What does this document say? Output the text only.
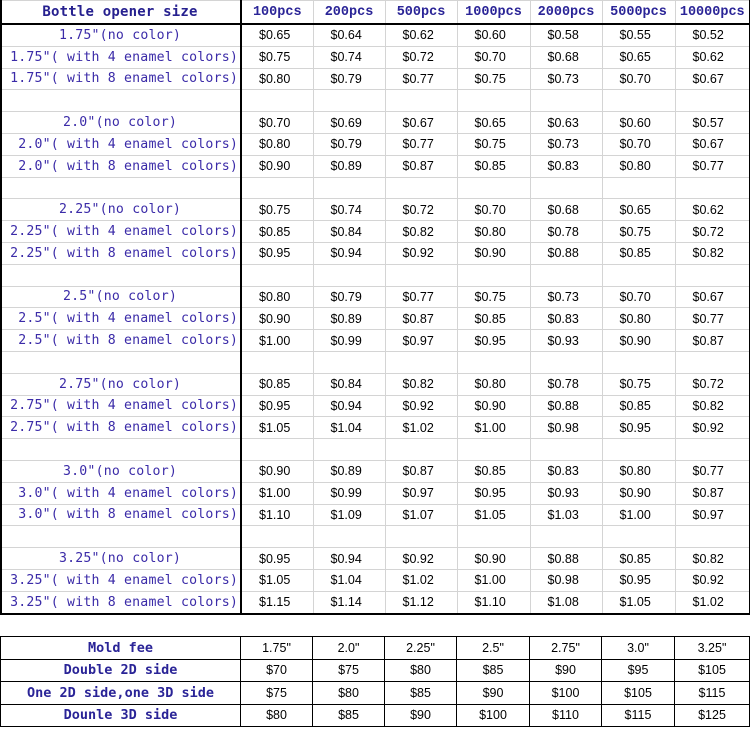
Bottle opener size	100pcs	200pcs	500pcs	1000pcs	2000pcs	5000pcs	10000pcs
1.75"(no color)	$0.65	$0.64	$0.62	$0.60	$0.58	$0.55	$0.52
1.75"( with 4 enamel colors)	$0.75	$0.74	$0.72	$0.70	$0.68	$0.65	$0.62
1.75"( with 8 enamel colors)	$0.80	$0.79	$0.77	$0.75	$0.73	$0.70	$0.67

2.0"(no color)	$0.70	$0.69	$0.67	$0.65	$0.63	$0.60	$0.57
2.0"( with 4 enamel colors)	$0.80	$0.79	$0.77	$0.75	$0.73	$0.70	$0.67
2.0"( with 8 enamel colors)	$0.90	$0.89	$0.87	$0.85	$0.83	$0.80	$0.77

2.25"(no color)	$0.75	$0.74	$0.72	$0.70	$0.68	$0.65	$0.62
2.25"( with 4 enamel colors)	$0.85	$0.84	$0.82	$0.80	$0.78	$0.75	$0.72
2.25"( with 8 enamel colors)	$0.95	$0.94	$0.92	$0.90	$0.88	$0.85	$0.82

2.5"(no color)	$0.80	$0.79	$0.77	$0.75	$0.73	$0.70	$0.67
2.5"( with 4 enamel colors)	$0.90	$0.89	$0.87	$0.85	$0.83	$0.80	$0.77
2.5"( with 8 enamel colors)	$1.00	$0.99	$0.97	$0.95	$0.93	$0.90	$0.87

2.75"(no color)	$0.85	$0.84	$0.82	$0.80	$0.78	$0.75	$0.72
2.75"( with 4 enamel colors)	$0.95	$0.94	$0.92	$0.90	$0.88	$0.85	$0.82
2.75"( with 8 enamel colors)	$1.05	$1.04	$1.02	$1.00	$0.98	$0.95	$0.92

3.0"(no color)	$0.90	$0.89	$0.87	$0.85	$0.83	$0.80	$0.77
3.0"( with 4 enamel colors)	$1.00	$0.99	$0.97	$0.95	$0.93	$0.90	$0.87
3.0"( with 8 enamel colors)	$1.10	$1.09	$1.07	$1.05	$1.03	$1.00	$0.97

3.25"(no color)	$0.95	$0.94	$0.92	$0.90	$0.88	$0.85	$0.82
3.25"( with 4 enamel colors)	$1.05	$1.04	$1.02	$1.00	$0.98	$0.95	$0.92
3.25"( with 8 enamel colors)	$1.15	$1.14	$1.12	$1.10	$1.08	$1.05	$1.02
Mold fee	1.75"	2.0"	2.25"	2.5"	2.75"	3.0"	3.25"
Double 2D side	$70	$75	$80	$85	$90	$95	$105
One 2D side,one 3D side	$75	$80	$85	$90	$100	$105	$115
Dounle 3D side	$80	$85	$90	$100	$110	$115	$125
